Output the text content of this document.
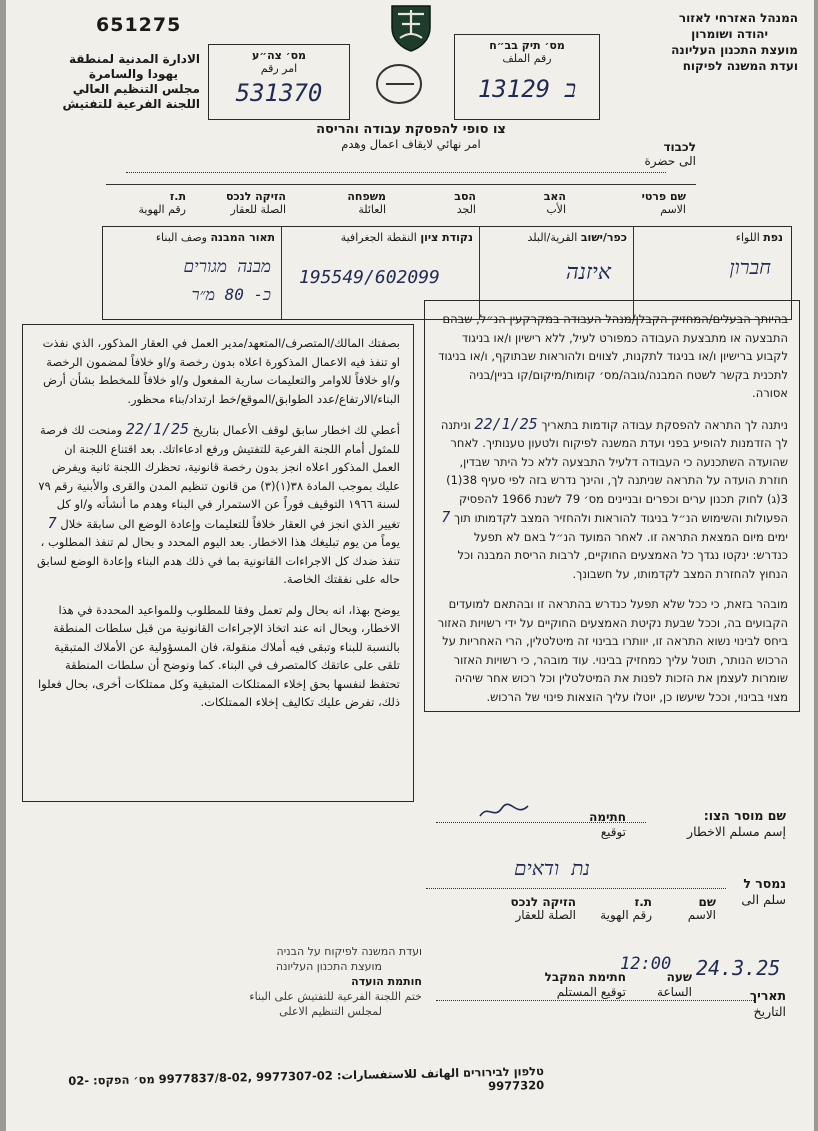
651275	המנהל האזרחי לאזור
יהודה ושומרון
מועצת התכנון העליונה
ועדת המשנה לפיקוח
الادارة المدنية لمنطقة
يهودا والسامرة
مجلس التنظيم العالي
اللجنة الفرعية للتفتيش
מס׳ תיק בב״ח
رقم الملف
13129 ב
מס׳ צה״ע
امر رقم
531370
צו סופי להפסקת עבודה והריסה
امر نهائي لايقاف اعمال وهدم	לכבוד
الى حضرة
שם פרטי
الاسم
האב
الأب
הסב
الجد
משפחה
العائلة
הזיקה לנכס
الصلة للعقار
ת.ז
رقم الهوية
נפת اللواء
חברון
כפר/ישוב القرية/البلد
איזנה
נקודת ציון النقطة الجغرافية
195549/602099
תאור המבנה وصف البناء
מבנה מגורים
כ- 80 מ״ר

بصفتك المالك/المتصرف/المتعهد/مدير العمل في العقار المذكور، الذي نفذت او تنفذ فيه الاعمال المذكورة اعلاه بدون رخصة و/او خلافاً لمضمون الرخصة و/او خلافاً للاوامر والتعليمات سارية المفعول و/او خلافاً للمخطط بشأن أرض البناء/الارتفاع/عدد الطوابق/الموقع/خط ارتداد/بناء محظور.

أعطي لك اخطار سابق لوقف الأعمال بتاريخ 22/1/25 ومنحت لك فرصة للمثول أمام اللجنة الفرعية للتفتيش ورفع ادعاءاتك. بعد اقتناع اللجنة ان العمل المذكور اعلاه انجز بدون رخصة قانونية، تحظرك اللجنة ثانية ويفرض عليك بموجب المادة ٣٨(١)(٣) من قانون تنظيم المدن والقرى والأبنية رقم ٧٩ لسنة ١٩٦٦ التوقيف فوراً عن الاستمرار في البناء وهدم ما أنشأته و/او كل تغيير الذي انجز في العقار خلافاً للتعليمات وإعادة الوضع الى سابقة خلال 7 يوماً من يوم تبليغك هذا الاخطار. بعد اليوم المحدد و بحال لم تنفذ المطلوب ، تنفذ ضدك كل الاجراءات القانونية بما في ذلك هدم البناء وإعادة الوضع لسابق حاله على نفقتك الخاصة.

يوضح بهذا، انه بحال ولم تعمل وفقا للمطلوب وللمواعيد المحددة في هذا الاخطار، وبحال انه عند اتخاذ الإجراءات القانونية من قبل سلطات المنطقة بالنسبة للبناء وتبقى فيه أملاك منقولة، فان المسؤولية عن الأملاك المتبقية تلقى على عاتقك كالمتصرف في البناء. كما ونوضح أن سلطات المنطقة تحتفظ لنفسها بحق إخلاء الممتلكات المتبقية وكل ممتلكات أخرى، بحال فعلوا ذلك، تفرض عليك تكاليف إخلاء الممتلكات.

בהיותך הבעלים/המחזיק הקבלן/מנהל העבודה במקרקעין הנ״ל, שבהם התבצעה או מתבצעת העבודה כמפורט לעיל, ללא רישיון ו/או בניגוד לקבוע ברישיון ו/או בניגוד לתקנות, לצווים ולהוראות שבתוקף, ו/או בניגוד לתכנית בקשר לשטח המבנה/גובה/מס׳ קומות/מיקום/קו בניין/בניה אסורה.

ניתנה לך התראה להפסקת עבודה קודמות בתאריך 22/1/25 וניתנה לך הזדמנות להופיע בפני ועדת המשנה לפיקוח ולטעון טענותיך. לאחר שהועדה השתכנעה כי העבודה דלעיל התבצעה ללא כל היתר שבדין, חוזרת הועדה על התראה שניתנה לך, והינך נדרש בזה לפי סעיף 38(1) 3(ג) לחוק תכנון ערים וכפרים ובניינים מס׳ 79 לשנת 1966 להפסיק הפעולות והשימוש הנ״ל בניגוד להוראות ולהחזיר המצב לקדמותו תוך 7 ימים מיום המצאת התראה זו. לאחר המועד הנ״ל באם לא תפעל כנדרש: ינקטו נגדך כל האמצעים החוקיים, לרבות הריסת המבנה וכל הנחוץ להחזרת המצב לקדמותו, על חשבונך.

מובהר בזאת, כי ככל שלא תפעל כנדרש בהתראה זו ובהתאם למועדים הקבועים בה, וככל שבעת נקיטת האמצעים החוקיים על ידי רשויות האזור ביחס לבינוי נשוא התראה זו, יוותרו בבינוי זה מיטלטלין, הרי האחריות על הרכוש הנותר, תוטל עליך כמחזיק בבינוי. עוד מובהר, כי רשויות האזור שומרות לעצמן את הזכות לפנות את המיטלטלין וכל רכוש אחר שיהיה מצוי בבינוי, וככל שיעשו כן, יוטלו עליך הוצאות פינוי של הרכוש.

שם מוסר הצו:
إسم مسلم الاخطار
חתימה
توقيع
נמסר ל
سلم الى
נת ודאים
שם
الاسم
ת.ז
رقم الهوية
הזיקה לנכס
الصلة للعقار
תאריך
التاريخ
24.3.25
שעה
الساعة
12:00
חתימת המקבל
توقيع المستلم
ועדת המשנה לפיקוח על הבניה
מועצת התכנון העליונה
חותמת הועדה
ختم اللجنة الفرعية للتفتيش على البناء
لمجلس التنظيم الاعلى
טלפון לבירורים الهاتف للاستفسارات: 02-9977307 ,02-9977837/8 מס׳ הפקס: 02-9977320
